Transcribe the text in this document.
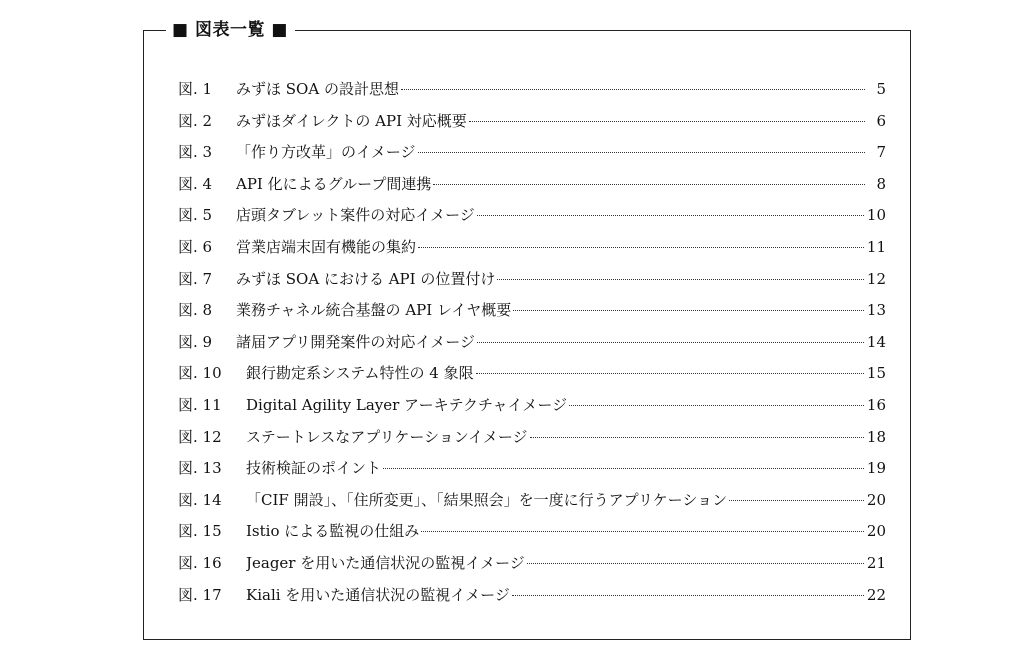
■ 図表一覧 ■
図. 1	みずほ SOA の設計思想	5
図. 2	みずほダイレクトの API 対応概要	6
図. 3	「作り方改革」のイメージ	7
図. 4	API 化によるグループ間連携	8
図. 5	店頭タブレット案件の対応イメージ	10
図. 6	営業店端末固有機能の集約	11
図. 7	みずほ SOA における API の位置付け	12
図. 8	業務チャネル統合基盤の API レイヤ概要	13
図. 9	諸届アプリ開発案件の対応イメージ	14
図. 10	銀行勘定系システム特性の 4 象限	15
図. 11	Digital Agility Layer アーキテクチャイメージ	16
図. 12	ステートレスなアプリケーションイメージ	18
図. 13	技術検証のポイント	19
図. 14	「CIF 開設」、「住所変更」、「結果照会」を一度に行うアプリケーション	20
図. 15	Istio による監視の仕組み	20
図. 16	Jeager を用いた通信状況の監視イメージ	21
図. 17	Kiali を用いた通信状況の監視イメージ	22
